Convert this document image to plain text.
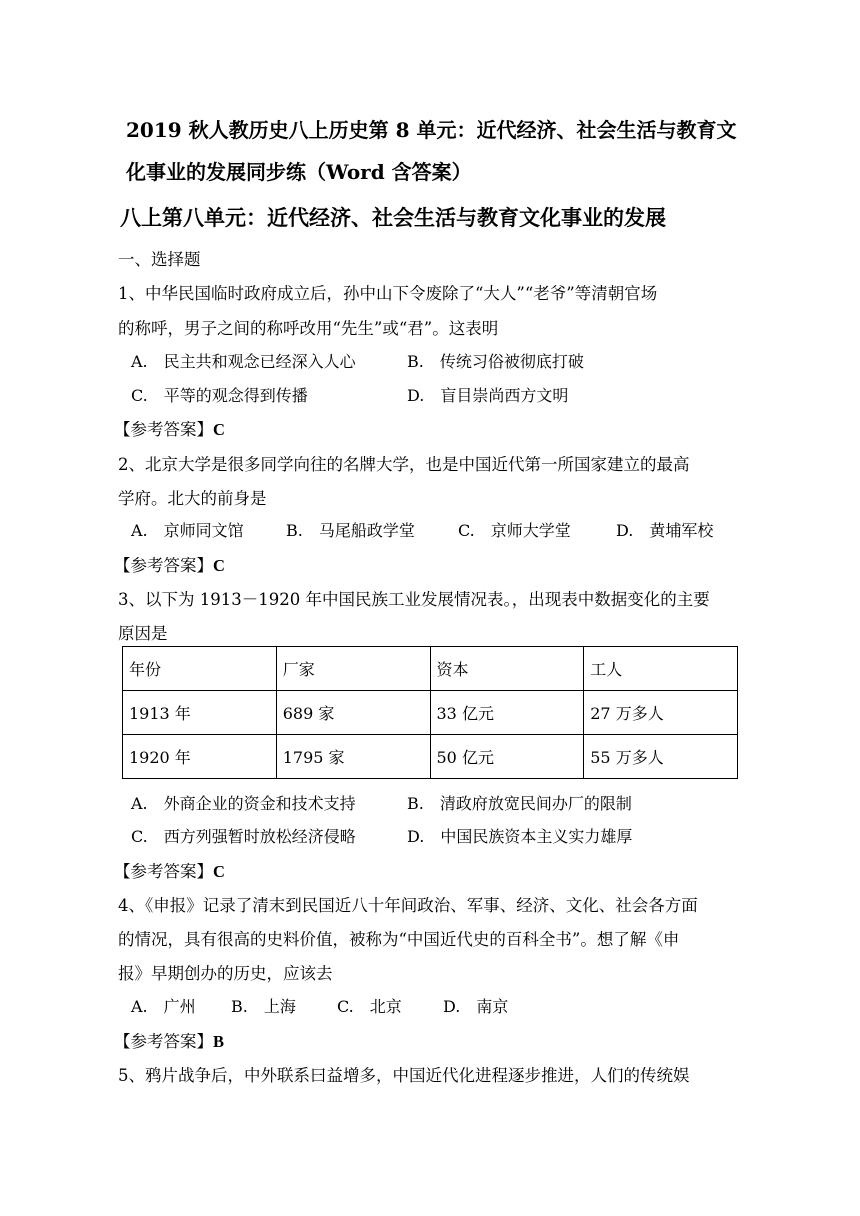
2019 秋人教历史八上历史第 8 单元：近代经济、社会生活与教育文
化事业的发展同步练（Word 含答案）
八上第八单元：近代经济、社会生活与教育文化事业的发展
一、选择题
1、中华民国临时政府成立后，孙中山下令废除了“大人”“老爷”等清朝官场
的称呼，男子之间的称呼改用“先生”或“君”。这表明
A.　民主共和观念已经深入人心	B.　传统习俗被彻底打破
C.　平等的观念得到传播	D.　盲目崇尚西方文明
【参考答案】C
2、北京大学是很多同学向往的名牌大学，也是中国近代第一所国家建立的最高
学府。北大的前身是
A.　京师同文馆	B.　马尾船政学堂	C.　京师大学堂	D.　黄埔军校
【参考答案】C
3、以下为 1913－1920 年中国民族工业发展情况表。，出现表中数据变化的主要
原因是
年份	厂家	资本	工人
1913 年	689 家	33 亿元	27 万多人
1920 年	1795 家	50 亿元	55 万多人
A.　外商企业的资金和技术支持	B.　清政府放宽民间办厂的限制
C.　西方列强暂时放松经济侵略	D.　中国民族资本主义实力雄厚
【参考答案】C
4、《申报》记录了清末到民国近八十年间政治、军事、经济、文化、社会各方面
的情况，具有很高的史料价值，被称为“中国近代史的百科全书”。想了解《申
报》早期创办的历史，应该去
A.　广州 B.　上海	C.　北京	D.　南京
【参考答案】B
5、鸦片战争后，中外联系曰益增多，中国近代化进程逐步推进，人们的传统娱
